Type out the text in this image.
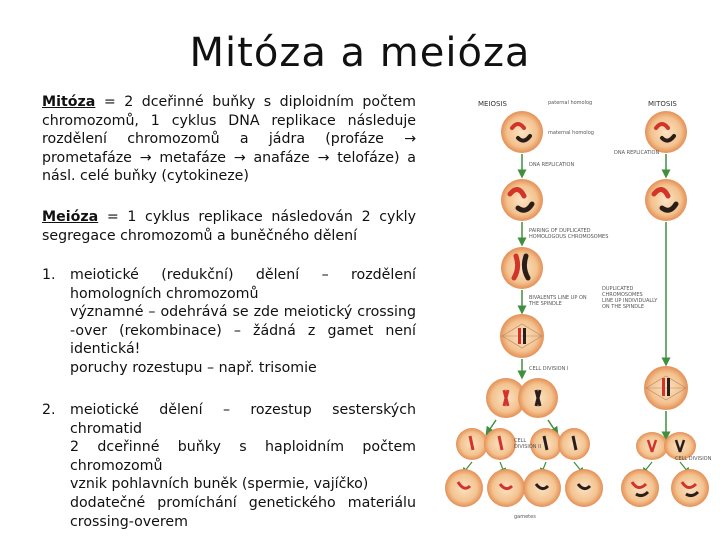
Mitóza a meióza
Mitóza = 2 dceřinné buňky s diploidním počtem chromozomů, 1 cyklus DNA replikace následuje rozdělení chromozomů a jádra (profáze → prometafáze → metafáze → anafáze → telofáze) a násl. celé buňky (cytokineze)
Meióza = 1 cyklus replikace následován 2 cykly segregace chromozomů a buněčného dělení
1.	meiotické (redukční) dělení – rozdělení homologních chromozomů
významné – odehrává se zde meiotický crossing -over (rekombinace) – žádná z gamet není identická!
poruchy rozestupu – např. trisomie
2.	meiotické dělení – rozestup sesterských chromatid
2 dceřinné buňky s haploidním počtem chromozomů
vznik pohlavních buněk (spermie, vajíčko)
dodatečné promíchání genetického materiálu crossing-overem
MEIOSIS	MITOSIS
paternal homolog
maternal homolog
DNA REPLICATION
PAIRING OF DUPLICATED HOMOLOGOUS CHROMOSOMES
BIVALENTS LINE UP ON THE SPINDLE
CELL DIVISION I
CELL DIVISION II
gametes
DNA REPLICATION
DUPLICATED CHROMOSOMES LINE UP INDIVIDUALLY ON THE SPINDLE
CELL DIVISION
